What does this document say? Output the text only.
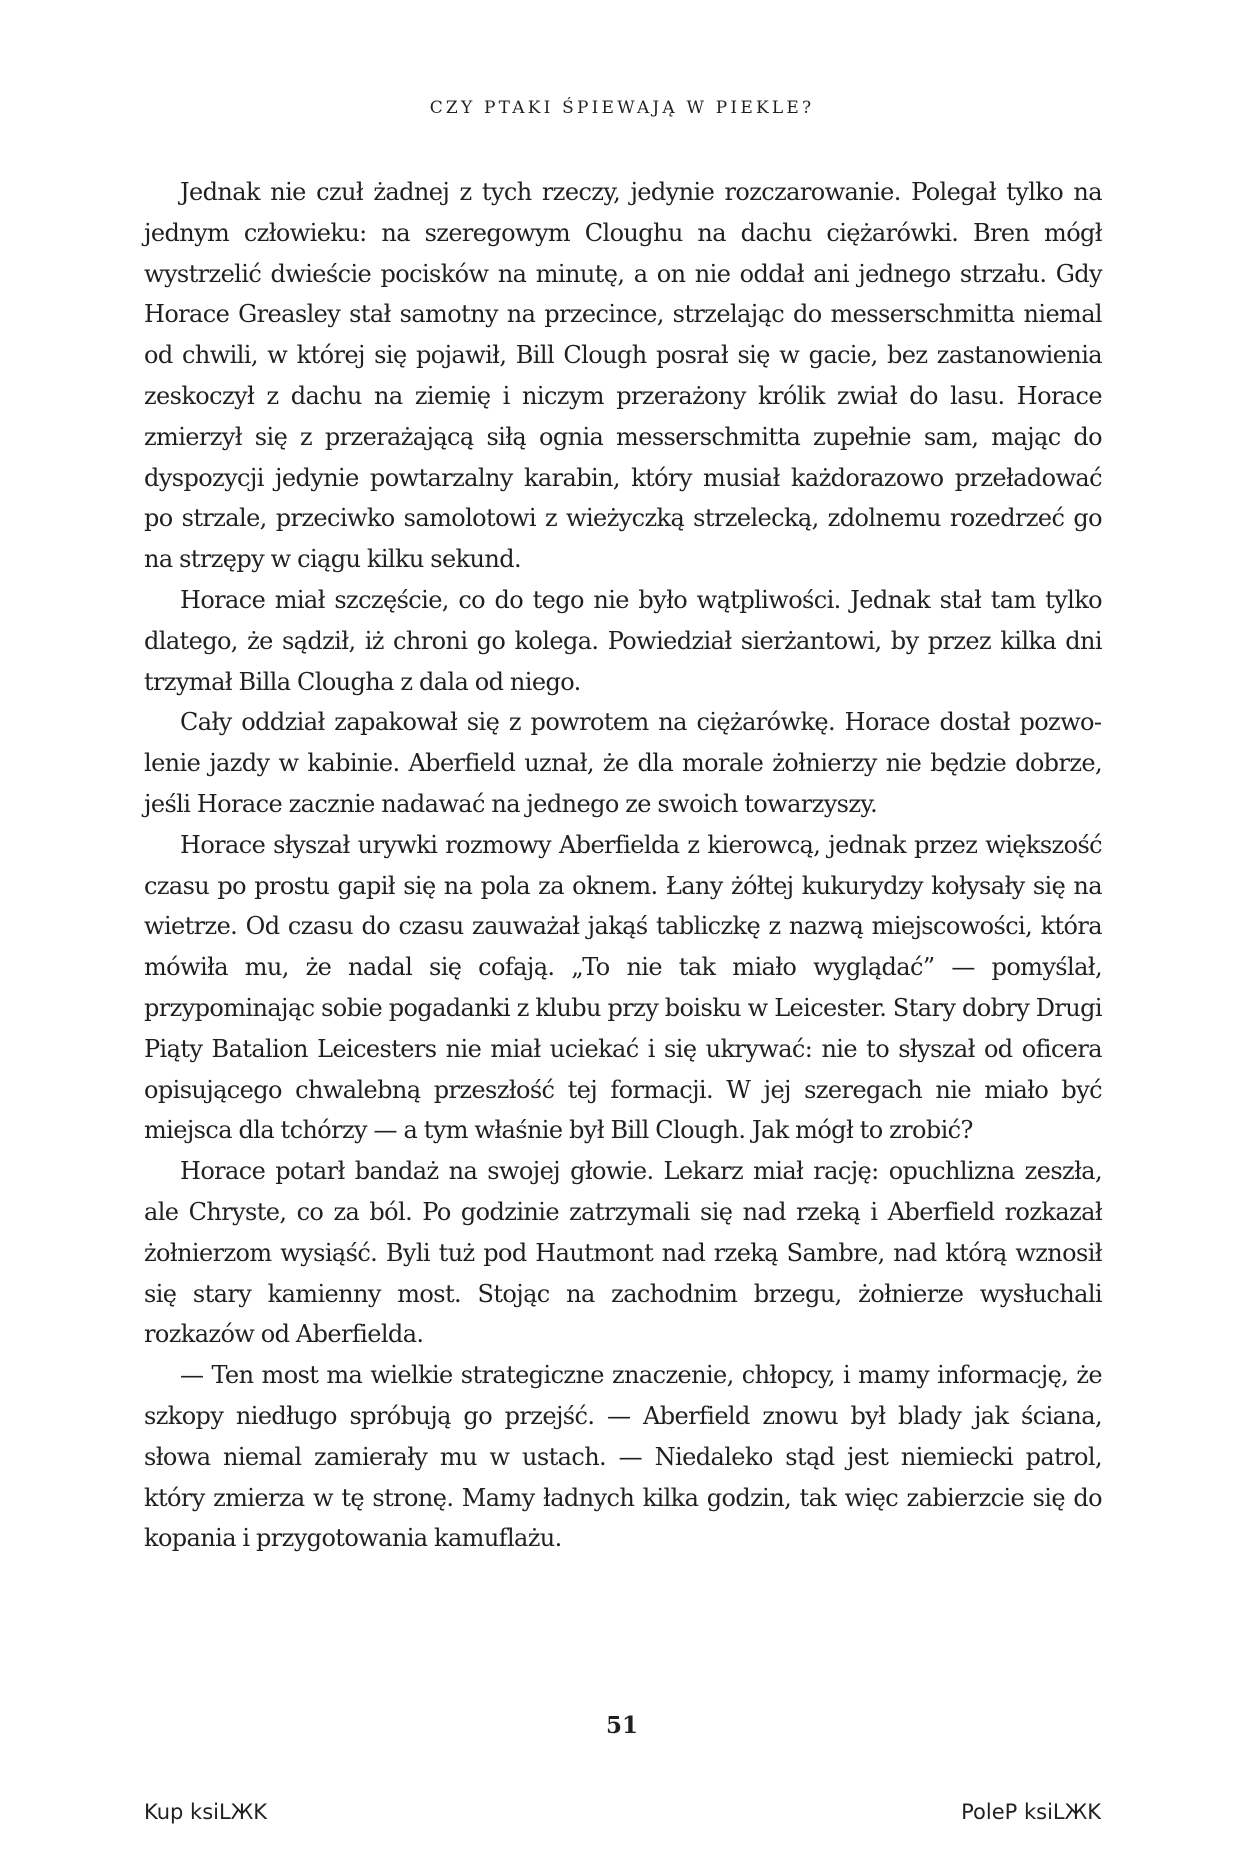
CZY PTAKI ŚPIEWAJĄ W PIEKLE?

Jednak nie czuł żadnej z tych rzeczy, jedynie rozczarowanie. Polegał tylko na jednym człowieku: na szeregowym Cloughu na dachu ciężarówki. Bren mógł wystrzelić dwieście pocisków na minutę, a on nie oddał ani jednego strzału. Gdy Horace Greasley stał samotny na przecince, strzelając do messerschmitta niemal od chwili, w której się pojawił, Bill Clough posrał się w gacie, bez zastanowienia zeskoczył z dachu na ziemię i niczym przerażony królik zwiał do lasu. Horace zmierzył się z przerażającą siłą ognia messerschmitta zupełnie sam, mając do dyspozycji jedynie powtarzalny karabin, który musiał każdorazowo przeładować po strzale, przeciwko samolotowi z wieżyczką strzelecką, zdolnemu rozedrzeć go na strzępy w ciągu kilku sekund.

Horace miał szczęście, co do tego nie było wątpliwości. Jednak stał tam tylko dlatego, że sądził, iż chroni go kolega. Powiedział sierżantowi, by przez kilka dni trzymał Billa Clougha z dala od niego.

Cały oddział zapakował się z powrotem na ciężarówkę. Horace dostał pozwolenie jazdy w kabinie. Aberfield uznał, że dla morale żołnierzy nie będzie dobrze, jeśli Horace zacznie nadawać na jednego ze swoich towarzyszy.

Horace słyszał urywki rozmowy Aberfielda z kierowcą, jednak przez większość czasu po prostu gapił się na pola za oknem. Łany żółtej kukurydzy kołysały się na wietrze. Od czasu do czasu zauważał jakąś tabliczkę z nazwą miejscowości, która mówiła mu, że nadal się cofają. „To nie tak miało wyglądać” — pomyślał, przypominając sobie pogadanki z klubu przy boisku w Leicester. Stary dobry Drugi Piąty Batalion Leicesters nie miał uciekać i się ukrywać: nie to słyszał od oficera opisującego chwalebną przeszłość tej formacji. W jej szeregach nie miało być miejsca dla tchórzy — a tym właśnie był Bill Clough. Jak mógł to zrobić?

Horace potarł bandaż na swojej głowie. Lekarz miał rację: opuchlizna zeszła, ale Chryste, co za ból. Po godzinie zatrzymali się nad rzeką i Aberfield rozkazał żołnierzom wysiąść. Byli tuż pod Hautmont nad rzeką Sambre, nad którą wznosił się stary kamienny most. Stojąc na zachodnim brzegu, żołnierze wysłuchali rozkazów od Aberfielda.

— Ten most ma wielkie strategiczne znaczenie, chłopcy, i mamy informację, że szkopy niedługo spróbują go przejść. — Aberfield znowu był blady jak ściana, słowa niemal zamierały mu w ustach. — Niedaleko stąd jest niemiecki patrol, który zmierza w tę stronę. Mamy ładnych kilka godzin, tak więc zabierzcie się do kopania i przygotowania kamuflażu.

51
Kup ksiLЖK	PoleP ksiLЖK
